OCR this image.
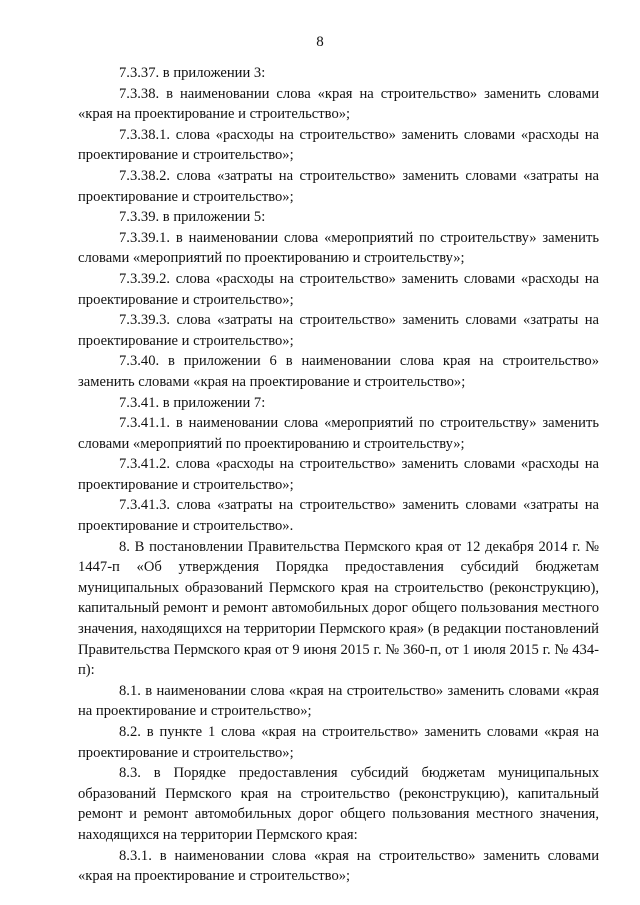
8

7.3.37. в приложении 3:

7.3.38. в наименовании слова «края на строительство» заменить словами «края на проектирование и строительство»;

7.3.38.1. слова «расходы на строительство» заменить словами «расходы на проектирование и строительство»;

7.3.38.2. слова «затраты на строительство» заменить словами «затраты на проектирование и строительство»;

7.3.39. в приложении 5:

7.3.39.1. в наименовании слова «мероприятий по строительству» заменить словами «мероприятий по проектированию и строительству»;

7.3.39.2. слова «расходы на строительство» заменить словами «расходы на проектирование и строительство»;

7.3.39.3. слова «затраты на строительство» заменить словами «затраты на проектирование и строительство»;

7.3.40. в приложении 6 в наименовании слова края на строительство» заменить словами «края на проектирование и строительство»;

7.3.41. в приложении 7:

7.3.41.1. в наименовании слова «мероприятий по строительству» заменить словами «мероприятий по проектированию и строительству»;

7.3.41.2. слова «расходы на строительство» заменить словами «расходы на проектирование и строительство»;

7.3.41.3. слова «затраты на строительство» заменить словами «затраты на проектирование и строительство».

8. В постановлении Правительства Пермского края от 12 декабря 2014 г. № 1447-п «Об утверждения Порядка предоставления субсидий бюджетам муниципальных образований Пермского края на строительство (реконструкцию), капитальный ремонт и ремонт автомобильных дорог общего пользования местного значения, находящихся на территории Пермского края» (в редакции постановлений Правительства Пермского края от 9 июня 2015 г. № 360-п, от 1 июля 2015 г. № 434-п):

8.1. в наименовании слова «края на строительство» заменить словами «края на проектирование и строительство»;

8.2. в пункте 1 слова «края на строительство» заменить словами «края на проектирование и строительство»;

8.3. в Порядке предоставления субсидий бюджетам муниципальных образований Пермского края на строительство (реконструкцию), капитальный ремонт и ремонт автомобильных дорог общего пользования местного значения, находящихся на территории Пермского края:

8.3.1. в наименовании слова «края на строительство» заменить словами «края на проектирование и строительство»;
